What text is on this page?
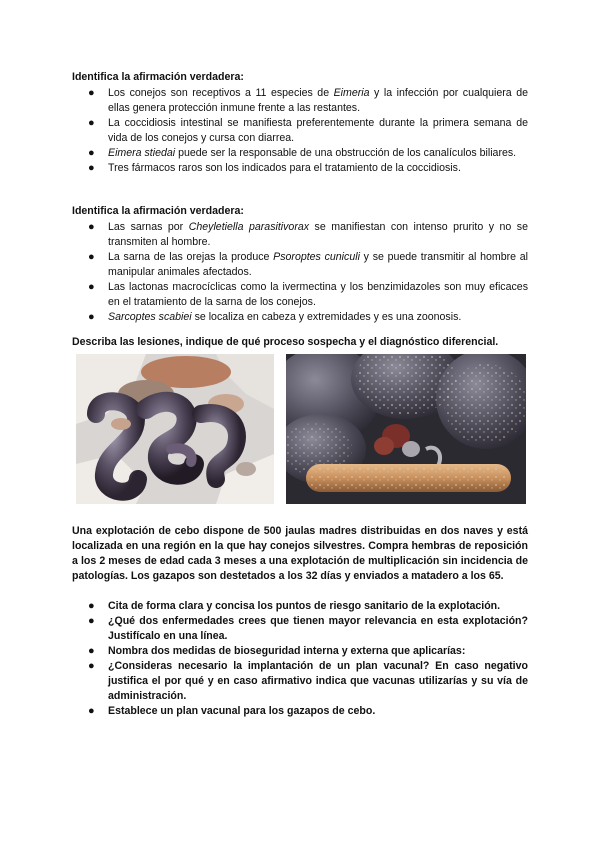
Identifica la afirmación verdadera:

● Los conejos son receptivos a 11 especies de Eimeria y la infección por cualquiera de ellas genera protección inmune frente a las restantes.
● La coccidiosis intestinal se manifiesta preferentemente durante la primera semana de vida de los conejos y cursa con diarrea.
● Eimera stiedai puede ser la responsable de una obstrucción de los canalículos biliares.
● Tres fármacos raros son los indicados para el tratamiento de la coccidiosis.

Identifica la afirmación verdadera:

● Las sarnas por Cheyletiella parasitivorax se manifiestan con intenso prurito y no se transmiten al hombre.
● La sarna de las orejas la produce Psoroptes cuniculi y se puede transmitir al hombre al manipular animales afectados.
● Las lactonas macrocíclicas como la ivermectina y los benzimidazoles son muy eficaces en el tratamiento de la sarna de los conejos.
● Sarcoptes scabiei se localiza en cabeza y extremidades y es una zoonosis.

Describa las lesiones, indique de qué proceso sospecha y el diagnóstico diferencial.

Una explotación de cebo dispone de 500 jaulas madres distribuidas en dos naves y está localizada en una región en la que hay conejos silvestres. Compra hembras de reposición a los 2 meses de edad cada 3 meses a una explotación de multiplicación sin incidencia de patologías. Los gazapos son destetados a los 32 días y enviados a matadero a los 65.

● Cita de forma clara y concisa los puntos de riesgo sanitario de la explotación.
● ¿Qué dos enfermedades crees que tienen mayor relevancia en esta explotación? Justifícalo en una línea.
● Nombra dos medidas de bioseguridad interna y externa que aplicarías:
● ¿Consideras necesario la implantación de un plan vacunal? En caso negativo justifica el por qué y en caso afirmativo indica que vacunas utilizarías y su vía de administración.
● Establece un plan vacunal para los gazapos de cebo.
